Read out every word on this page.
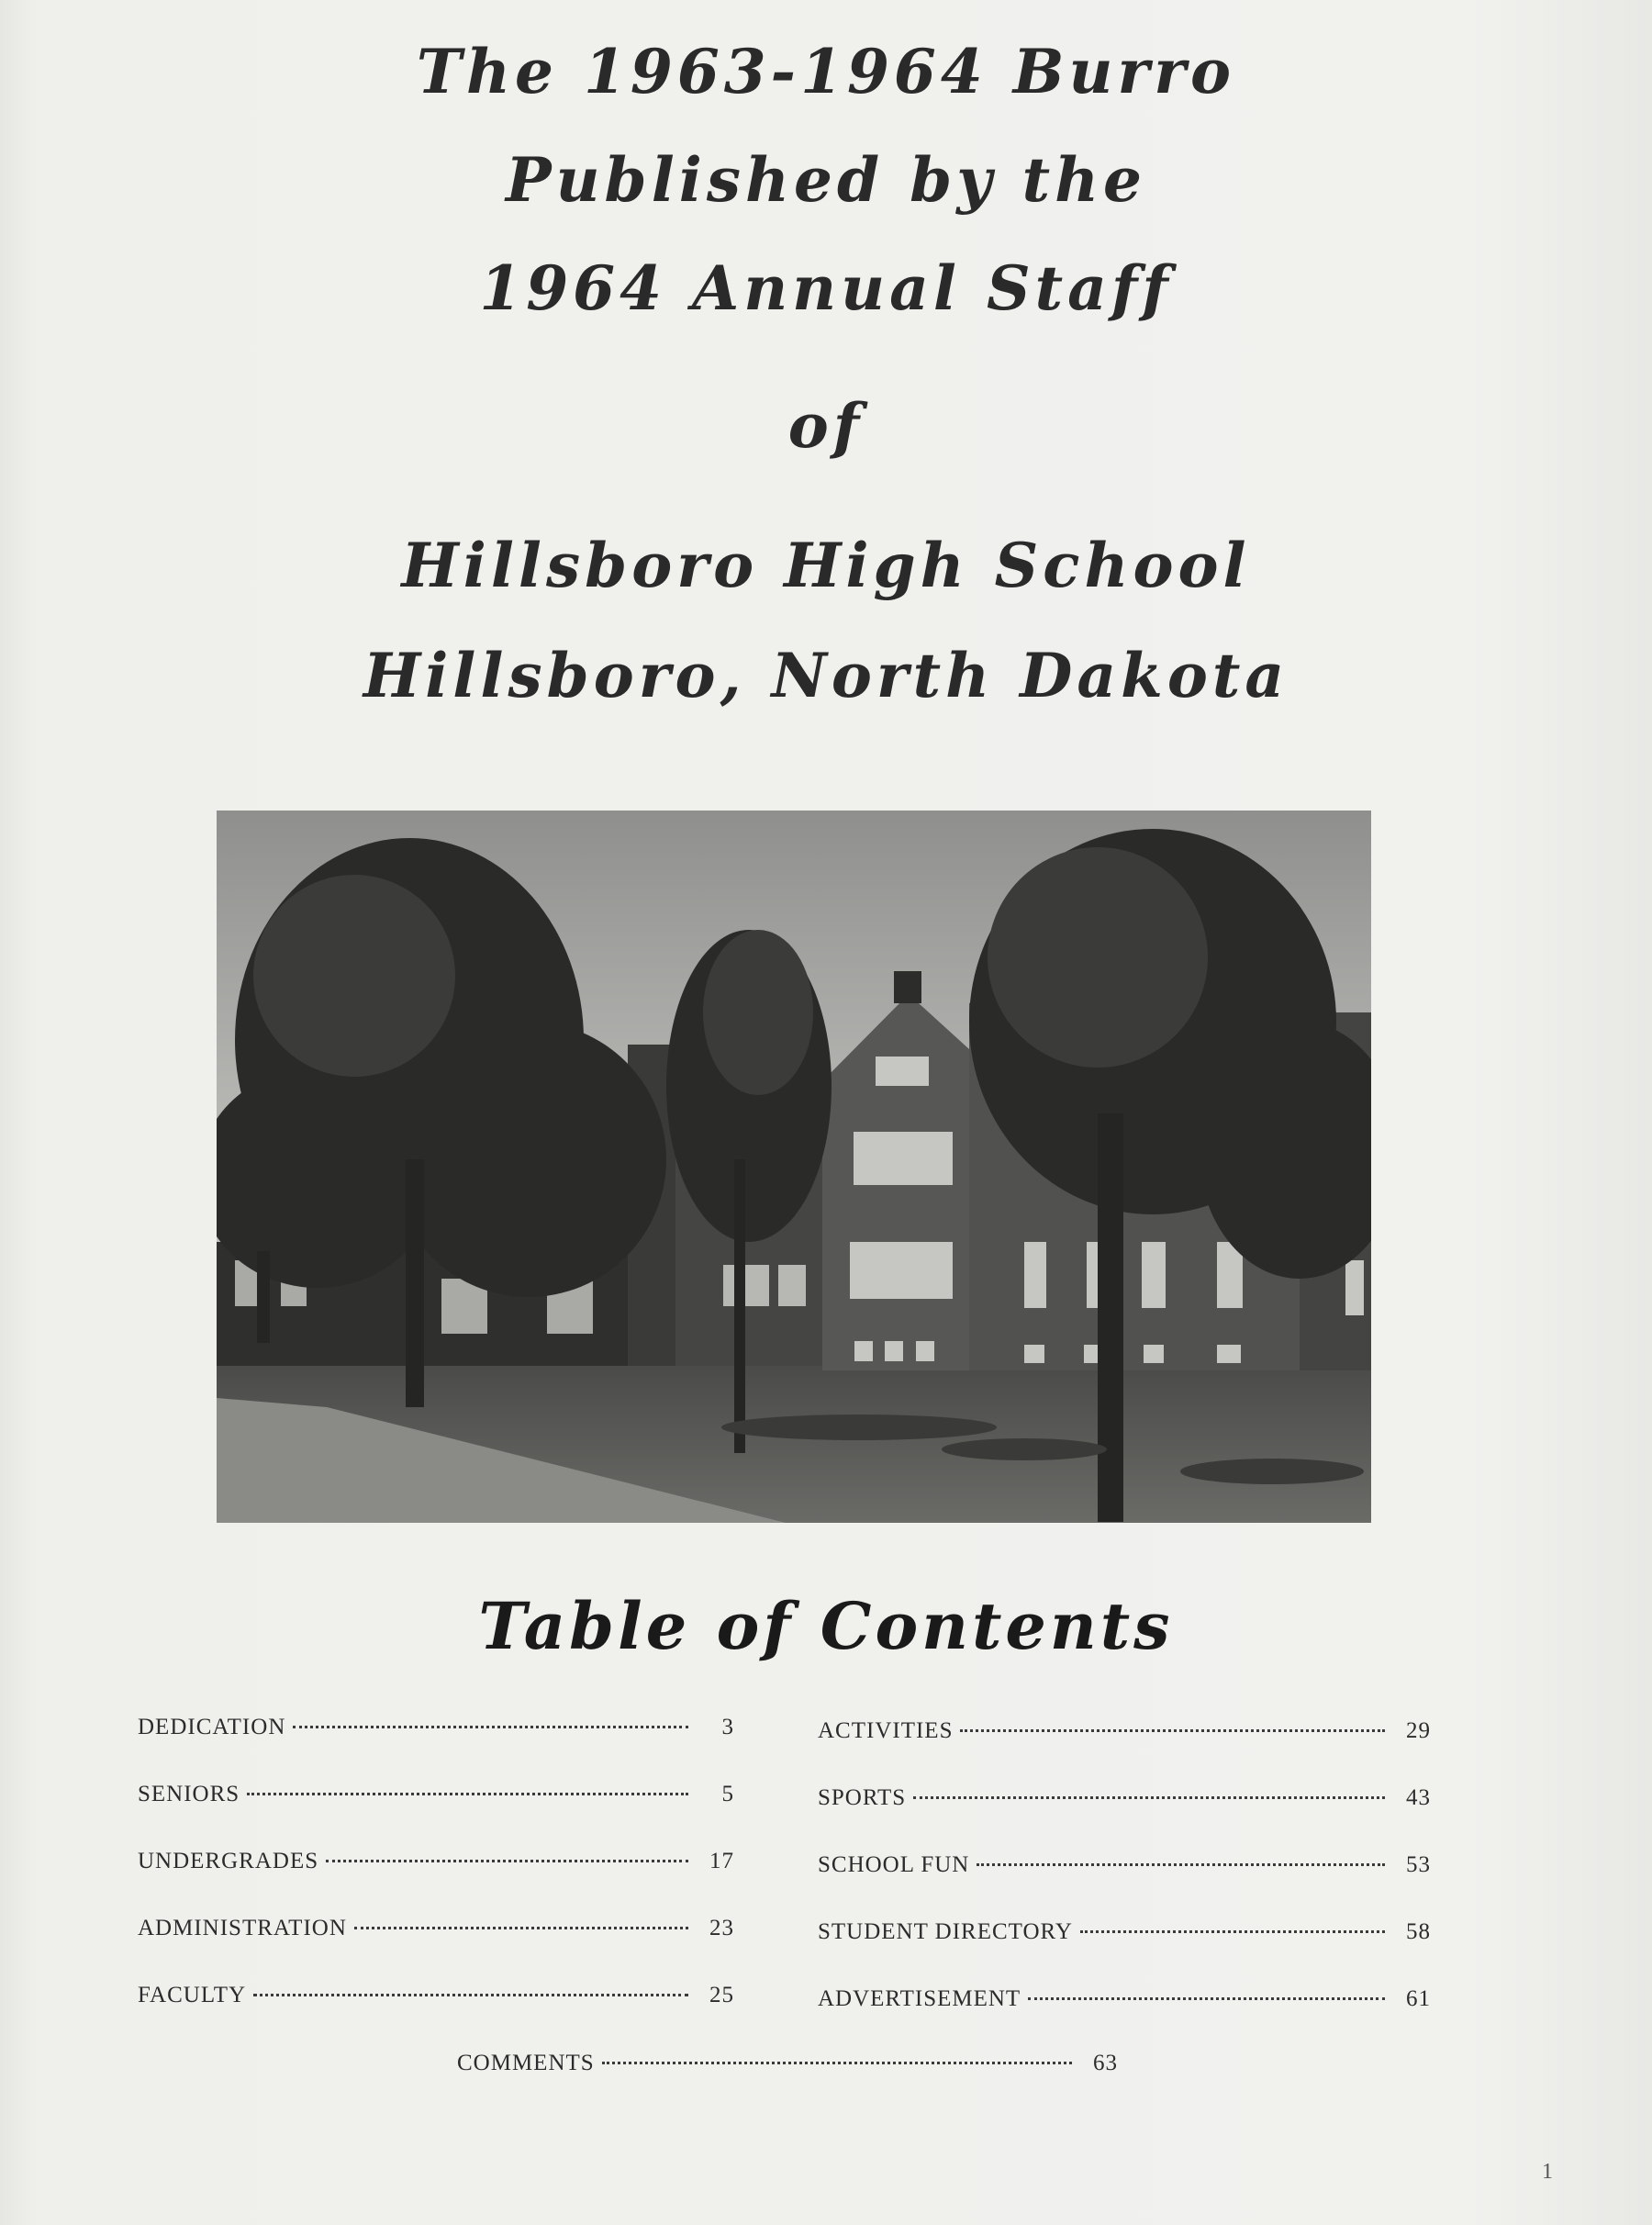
The 1963-1964 Burro
Published by the
1964 Annual Staff
of
Hillsboro High School
Hillsboro, North Dakota
Table of Contents
DEDICATION	3
SENIORS	5
UNDERGRADES	17
ADMINISTRATION	23
FACULTY	25
ACTIVITIES	29
SPORTS	43
SCHOOL FUN	53
STUDENT DIRECTORY	58
ADVERTISEMENT	61
COMMENTS	63
1
